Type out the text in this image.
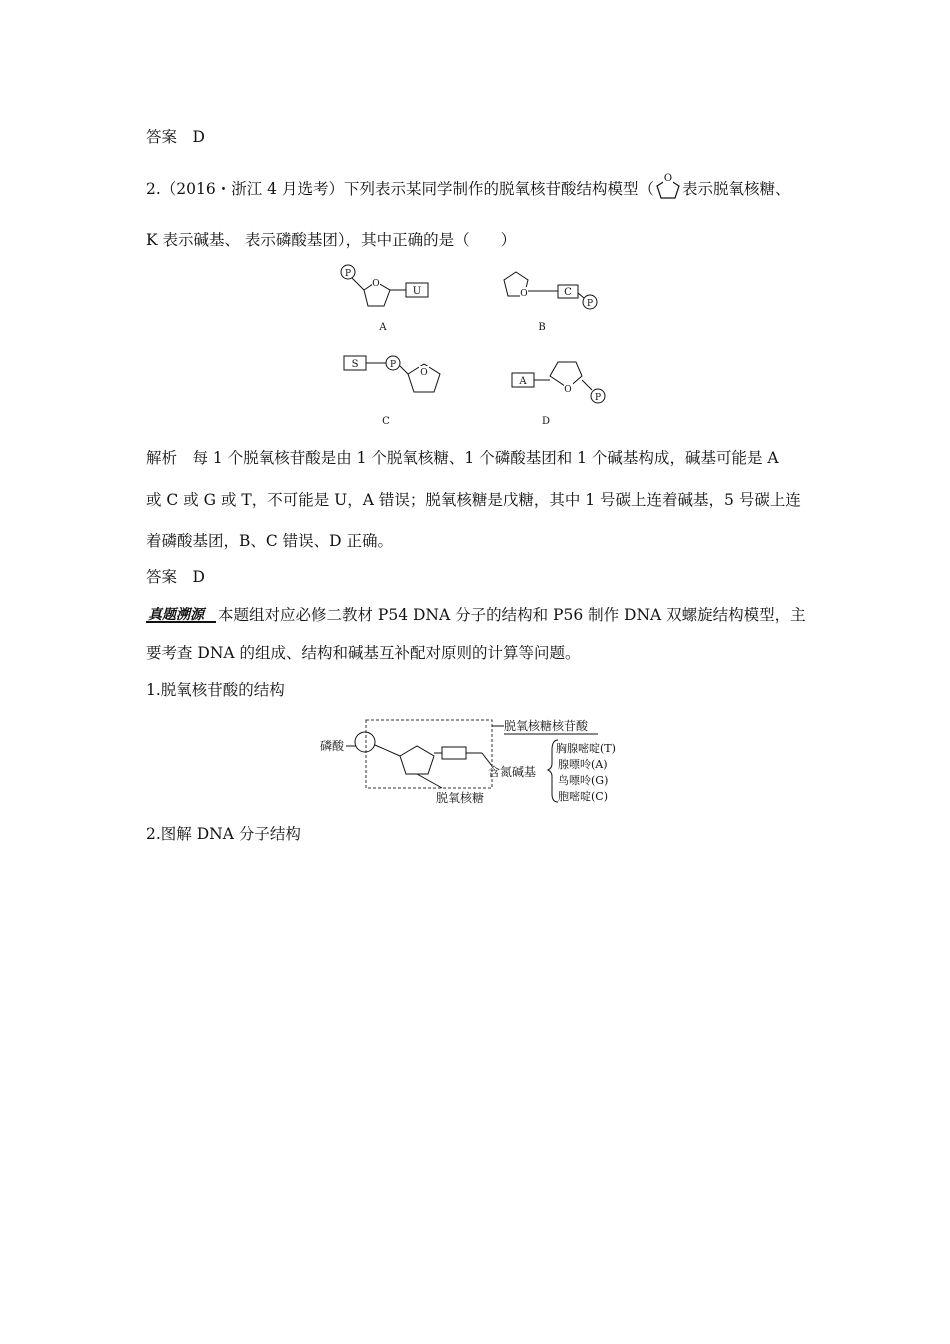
答案　D
2.（2016・浙江 4 月选考）下列表示某同学制作的脱氧核苷酸结构模型（
O
表示脱氧核糖、
K 表示碱基、 表示磷酸基团），其中正确的是（　　）
P
O
U
A
O	C
P
B
S	P
O
C
A
O
P
D
解析　每 1 个脱氧核苷酸是由 1 个脱氧核糖、1 个磷酸基团和 1 个碱基构成，碱基可能是 A
或 C 或 G 或 T，不可能是 U，A 错误；脱氧核糖是戊糖，其中 1 号碳上连着碱基，5 号碳上连
着磷酸基团，B、C 错误、D 正确。
答案　D
真题溯源 本题组对应必修二教材 P54 DNA 分子的结构和 P56 制作 DNA 双螺旋结构模型，主
要考查 DNA 的组成、结构和碱基互补配对原则的计算等问题。
1.脱氧核苷酸的结构
磷酸
脱氧核糖核苷酸
含氮碱基
胸腺嘧啶(T)
腺嘌呤(A)
鸟嘌呤(G)
胞嘧啶(C)
脱氧核糖
2.图解 DNA 分子结构
